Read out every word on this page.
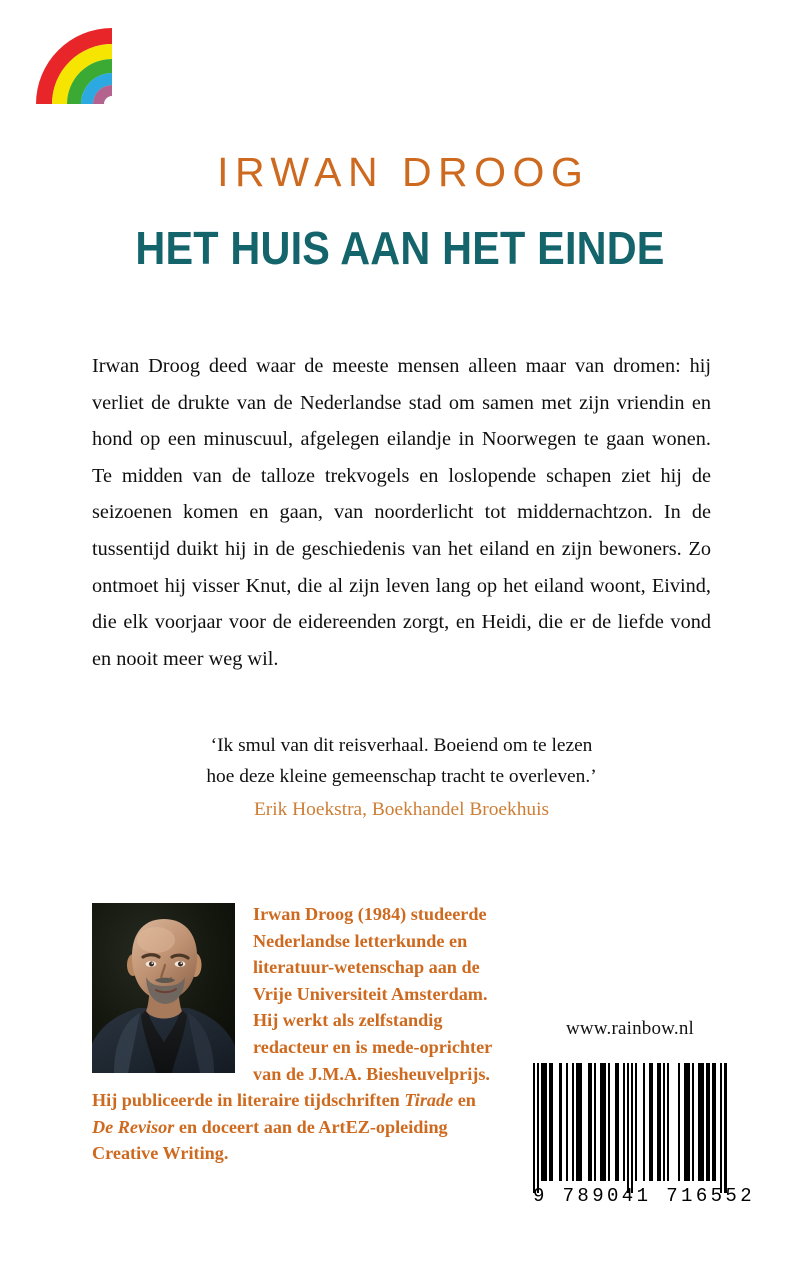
IRWAN DROOG
HET HUIS AAN HET EINDE

Irwan Droog deed waar de meeste mensen alleen maar van dromen: hij verliet de drukte van de Nederlandse stad om samen met zijn vriendin en hond op een minuscuul, afgelegen eilandje in Noorwegen te gaan wonen. Te midden van de talloze trekvogels en loslopende schapen ziet hij de seizoenen komen en gaan, van noorderlicht tot middernachtzon. In de tussentijd duikt hij in de geschiedenis van het eiland en zijn bewoners. Zo ontmoet hij visser Knut, die al zijn leven lang op het eiland woont, Eivind, die elk voorjaar voor de eidereenden zorgt, en Heidi, die er de liefde vond en nooit meer weg wil.

‘Ik smul van dit reisverhaal. Boeiend om te lezen
hoe deze kleine gemeenschap tracht te overleven.’
Erik Hoekstra, Boekhandel Broekhuis
Irwan Droog (1984) studeerde Nederlandse letterkunde en literatuur-wetenschap aan de Vrije Universiteit Amsterdam. Hij werkt als zelfstandig redacteur en is mede-oprichter van de J.M.A. Biesheuvelprijs. Hij publiceerde in literaire tijdschriften Tirade en De Revisor en doceert aan de ArtEZ-opleiding Creative Writing.
www.rainbow.nl
9 789041 716552
